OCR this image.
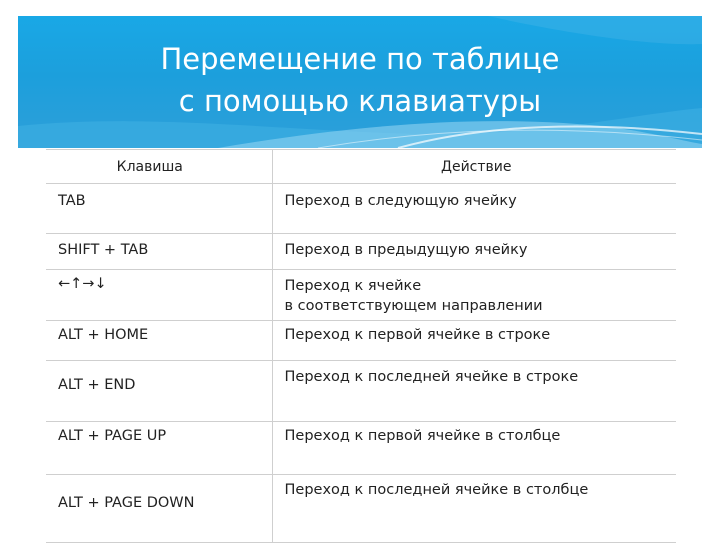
Перемещение по таблице
с помощью клавиатуры
Клавиша	Действие
TAB	Переход в следующую ячейку
SHIFT + TAB	Переход в предыдущую ячейку
←↑→↓	Переход к ячейке
в соответствующем направлении

ALT + HOME	Переход к первой ячейке в строке
ALT + END	Переход к последней ячейке в строке
ALT + PAGE UP	Переход к первой ячейке в столбце
ALT + PAGE DOWN	Переход к последней ячейке в столбце
